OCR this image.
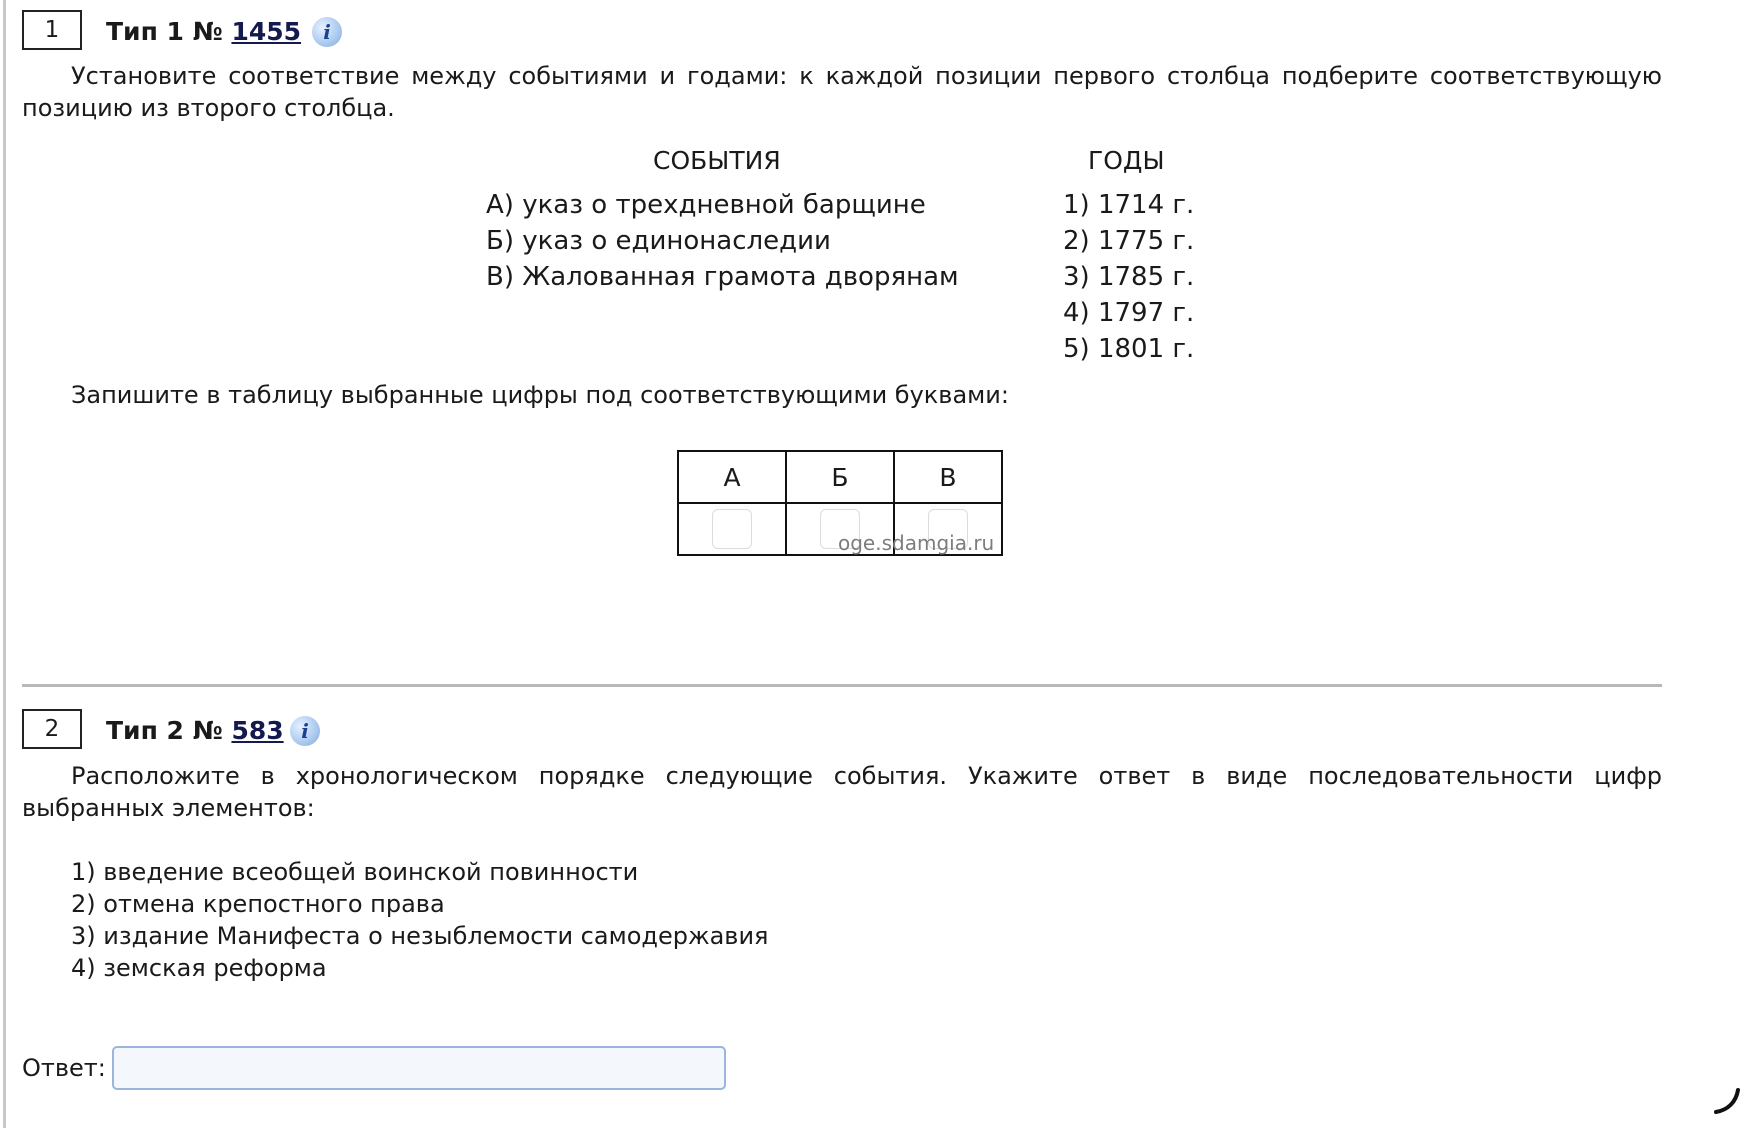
1	Тип 1 № 1455	i
Установите соответствие между событиями и годами: к каждой позиции первого столбца подберите соответствующую позицию из второго столбца.
СОБЫТИЯ	ГОДЫ
А) указ о трехдневной барщине
Б) указ о единонаследии
В) Жалованная грамота дворянам
1) 1714 г.
2) 1775 г.
3) 1785 г.
4) 1797 г.
5) 1801 г.
Запишите в таблицу выбранные цифры под соответствующими буквами:
А	Б	В

oge.sdamgia.ru
2	Тип 2 № 583 i
Расположите в хронологическом порядке следующие события. Укажите ответ в виде последовательности цифр выбранных элементов:
1) введение всеобщей воинской повинности
2) отмена крепостного права
3) издание Манифеста о незыблемости самодержавия
4) земская реформа
Ответ:
